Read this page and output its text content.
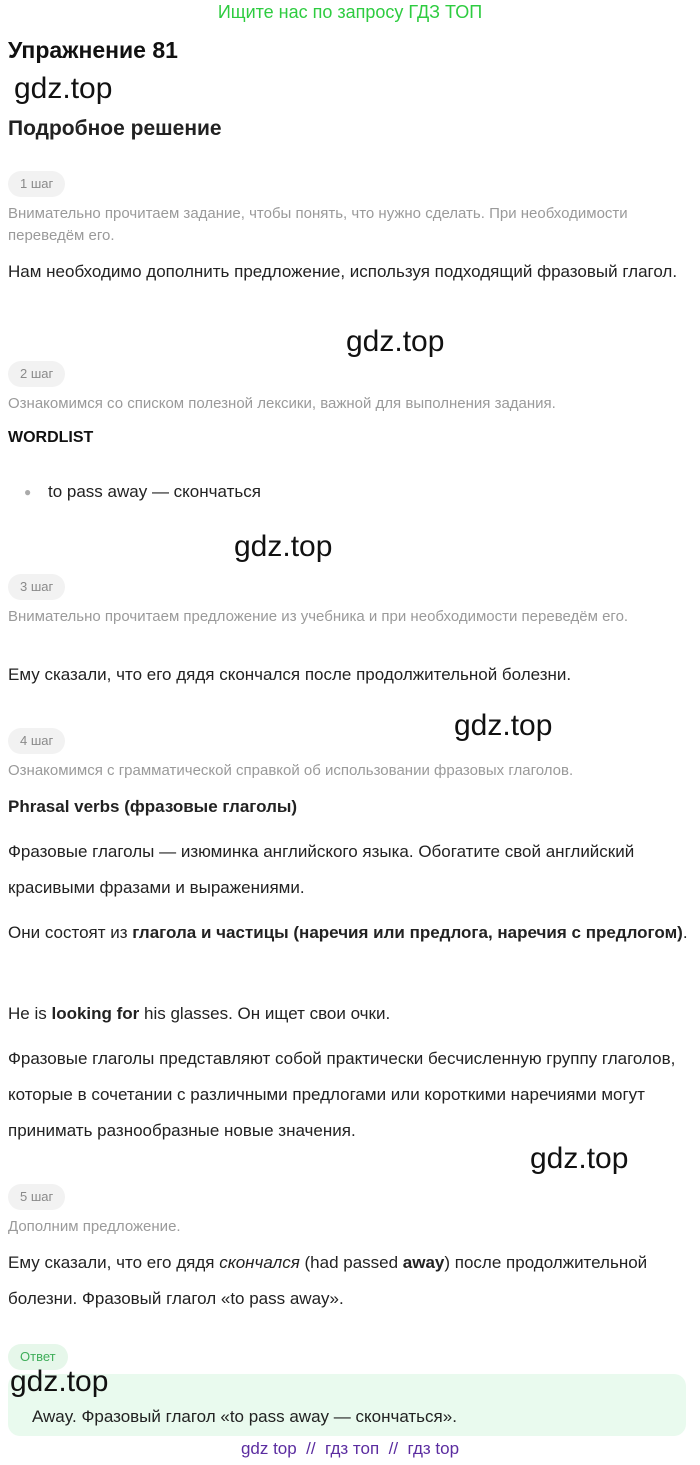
Ищите нас по запросу ГДЗ ТОП
Упражнение 81
gdz.top
Подробное решение
1 шаг
Внимательно прочитаем задание, чтобы понять, что нужно сделать. При необходимости переведём его.
Нам необходимо дополнить предложение, используя подходящий фразовый глагол.
gdz.top
2 шаг
Ознакомимся со списком полезной лексики, важной для выполнения задания.
WORDLIST
● to pass away — скончаться
gdz.top
3 шаг
Внимательно прочитаем предложение из учебника и при необходимости переведём его.
Ему сказали, что его дядя скончался после продолжительной болезни.
gdz.top
4 шаг
Ознакомимся с грамматической справкой об использовании фразовых глаголов.
Phrasal verbs (фразовые глаголы)
Фразовые глаголы — изюминка английского языка. Обогатите свой английский красивыми фразами и выражениями.
Они состоят из глагола и частицы (наречия или предлога, наречия с предлогом).
He is looking for his glasses. Он ищет свои очки.
Фразовые глаголы представляют собой практически бесчисленную группу глаголов, которые в сочетании с различными предлогами или короткими наречиями могут принимать разнообразные новые значения.
gdz.top
5 шаг
Дополним предложение.
Ему сказали, что его дядя скончался (had passed away) после продолжительной болезни. Фразовый глагол «to pass away».
Ответ
gdz.top
Away. Фразовый глагол «to pass away — скончаться».
gdz top  //  гдз топ  //  гдз top
